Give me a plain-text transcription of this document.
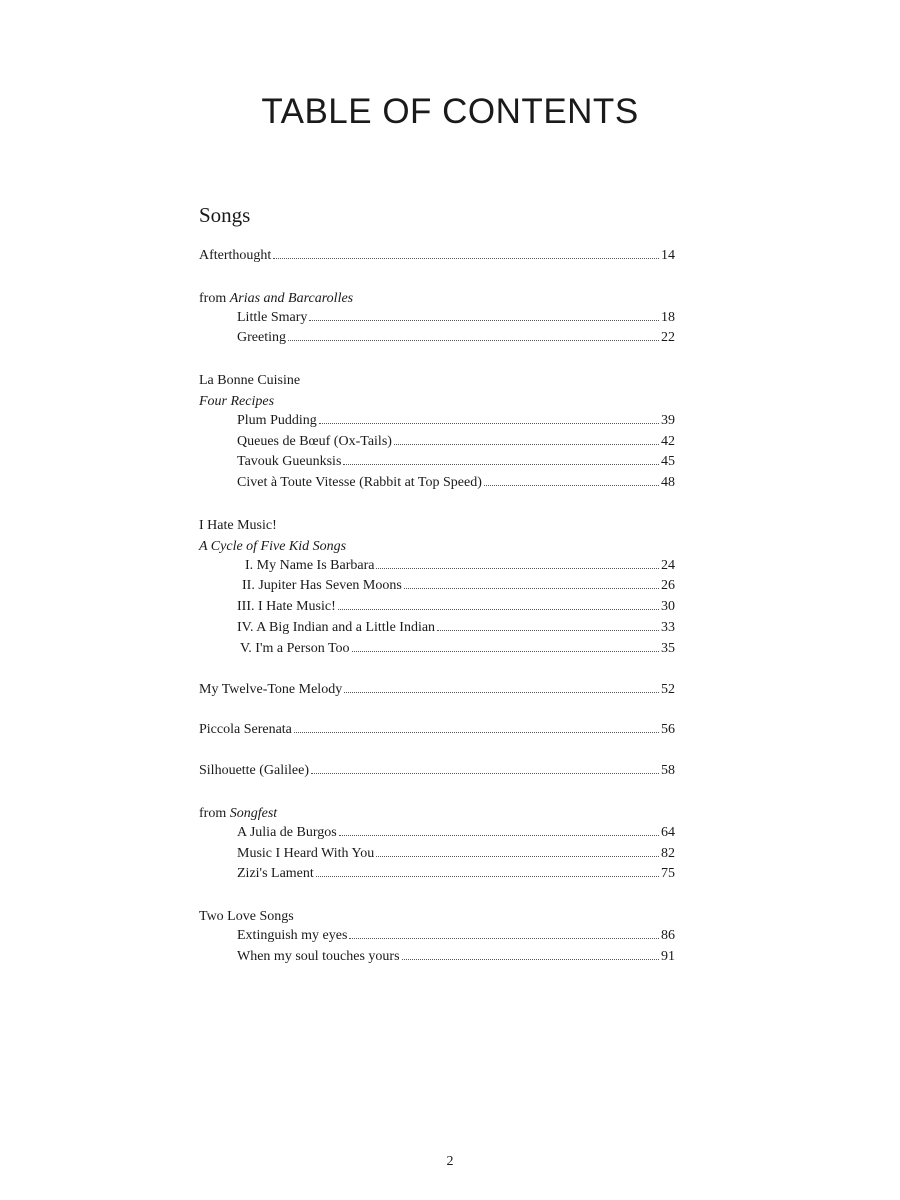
TABLE OF CONTENTS
Songs
Afterthought	14
from Arias and Barcarolles
Little Smary	18
Greeting	22
La Bonne Cuisine
Four Recipes
Plum Pudding	39
Queues de Bœuf (Ox-Tails)	42
Tavouk Gueunksis	45
Civet à Toute Vitesse (Rabbit at Top Speed)	48
I Hate Music!
A Cycle of Five Kid Songs
I. My Name Is Barbara	24
II. Jupiter Has Seven Moons	26
III. I Hate Music!	30
IV. A Big Indian and a Little Indian	33
V. I'm a Person Too	35
My Twelve-Tone Melody	52
Piccola Serenata	56
Silhouette (Galilee)	58
from Songfest
A Julia de Burgos	64
Music I Heard With You	82
Zizi's Lament	75
Two Love Songs
Extinguish my eyes	86
When my soul touches yours	91
2
